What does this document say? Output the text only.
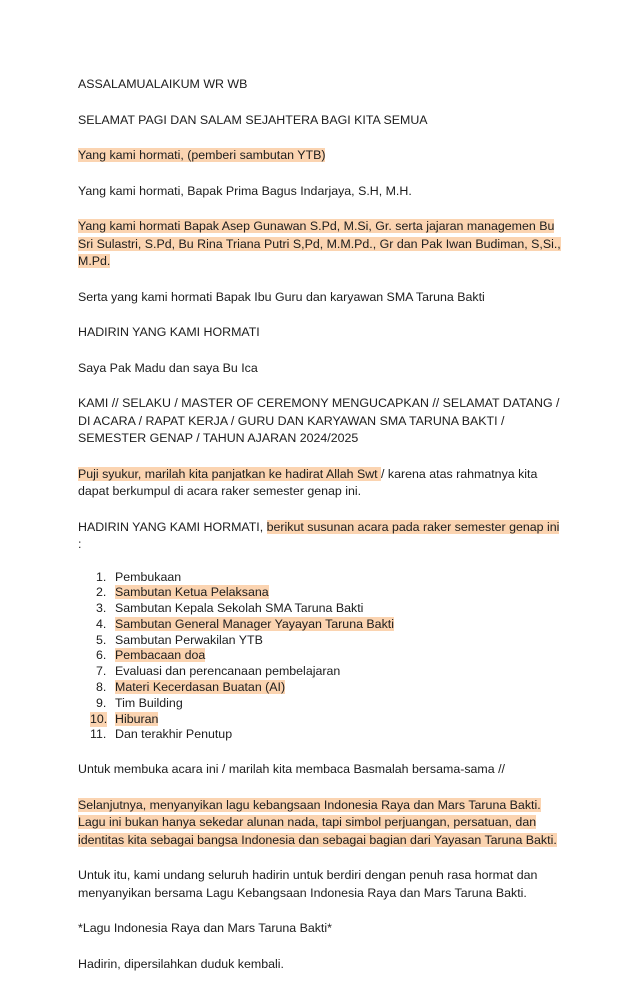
ASSALAMUALAIKUM WR WB

SELAMAT PAGI DAN SALAM SEJAHTERA BAGI KITA SEMUA

Yang kami hormati, (pemberi sambutan YTB)

Yang kami hormati, Bapak Prima Bagus Indarjaya, S.H, M.H.

Yang kami hormati Bapak Asep Gunawan S.Pd, M.Si, Gr. serta jajaran managemen Bu Sri Sulastri, S.Pd, Bu Rina Triana Putri S,Pd, M.M.Pd., Gr dan Pak Iwan Budiman, S,Si., M.Pd.

Serta yang kami hormati Bapak Ibu Guru dan karyawan SMA Taruna Bakti

HADIRIN YANG KAMI HORMATI

Saya Pak Madu dan saya Bu Ica

KAMI // SELAKU / MASTER OF CEREMONY MENGUCAPKAN // SELAMAT DATANG / DI ACARA / RAPAT KERJA / GURU DAN KARYAWAN SMA TARUNA BAKTI / SEMESTER GENAP / TAHUN AJARAN 2024/2025

Puji syukur, marilah kita panjatkan ke hadirat Allah Swt / karena atas rahmatnya kita dapat berkumpul di acara raker semester genap ini.

HADIRIN YANG KAMI HORMATI, berikut susunan acara pada raker semester genap ini :

1. Pembukaan
2. Sambutan Ketua Pelaksana
3. Sambutan Kepala Sekolah SMA Taruna Bakti
4. Sambutan General Manager Yayayan Taruna Bakti
5. Sambutan Perwakilan YTB
6. Pembacaan doa
7. Evaluasi dan perencanaan pembelajaran
8. Materi Kecerdasan Buatan (AI)
9. Tim Building
10. Hiburan
11. Dan terakhir Penutup

Untuk membuka acara ini / marilah kita membaca Basmalah bersama-sama //

Selanjutnya, menyanyikan lagu kebangsaan Indonesia Raya dan Mars Taruna Bakti. Lagu ini bukan hanya sekedar alunan nada, tapi simbol perjuangan, persatuan, dan identitas kita sebagai bangsa Indonesia dan sebagai bagian dari Yayasan Taruna Bakti.

Untuk itu, kami undang seluruh hadirin untuk berdiri dengan penuh rasa hormat dan menyanyikan bersama Lagu Kebangsaan Indonesia Raya dan Mars Taruna Bakti.

*Lagu Indonesia Raya dan Mars Taruna Bakti*

Hadirin, dipersilahkan duduk kembali.
